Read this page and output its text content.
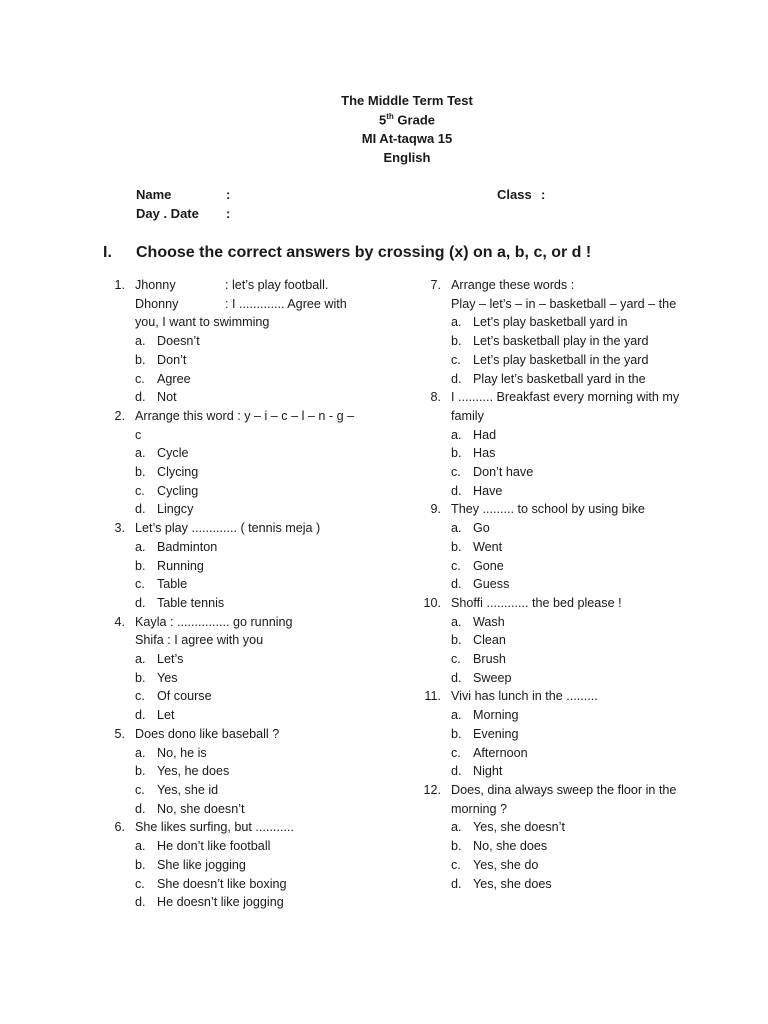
The Middle Term Test
5th Grade
MI At-taqwa 15
English
Name	:
Day . Date :
Class :
I. Choose the correct answers by crossing (x) on a, b, c, or d !
1. Jhonny	: let’s play football.
Dhonny	: I ............. Agree with
you, I want to swimming
a. Doesn’t
b. Don’t
c. Agree
d. Not
2. Arrange this word : y – i – c – l – n - g – c
a. Cycle
b. Clycing
c. Cycling
d. Lingcy
3. Let’s play ............. ( tennis meja )
a. Badminton
b. Running
c. Table
d. Table tennis
4. Kayla : ............... go running
Shifa : I agree with you
a. Let’s
b. Yes
c. Of course
d. Let
5. Does dono like baseball ?
a. No, he is
b. Yes, he does
c. Yes, she id
d. No, she doesn’t
6. She likes surfing, but ...........
a. He don’t like football
b. She like jogging
c. She doesn’t like boxing
d. He doesn’t like jogging
7. Arrange these words :
Play – let’s – in – basketball – yard – the
a. Let’s play basketball yard in
b. Let’s basketball play in the yard
c. Let’s play basketball in the yard
d. Play let’s basketball yard in the
8. I .......... Breakfast every morning with my family
a. Had
b. Has
c. Don’t have
d. Have
9. They ......... to school by using bike
a. Go
b. Went
c. Gone
d. Guess
10. Shoffi ............ the bed please !
a. Wash
b. Clean
c. Brush
d. Sweep
11. Vivi has lunch in the .........
a. Morning
b. Evening
c. Afternoon
d. Night
12. Does, dina always sweep the floor in the morning ?
a. Yes, she doesn’t
b. No, she does
c. Yes, she do
d. Yes, she does
